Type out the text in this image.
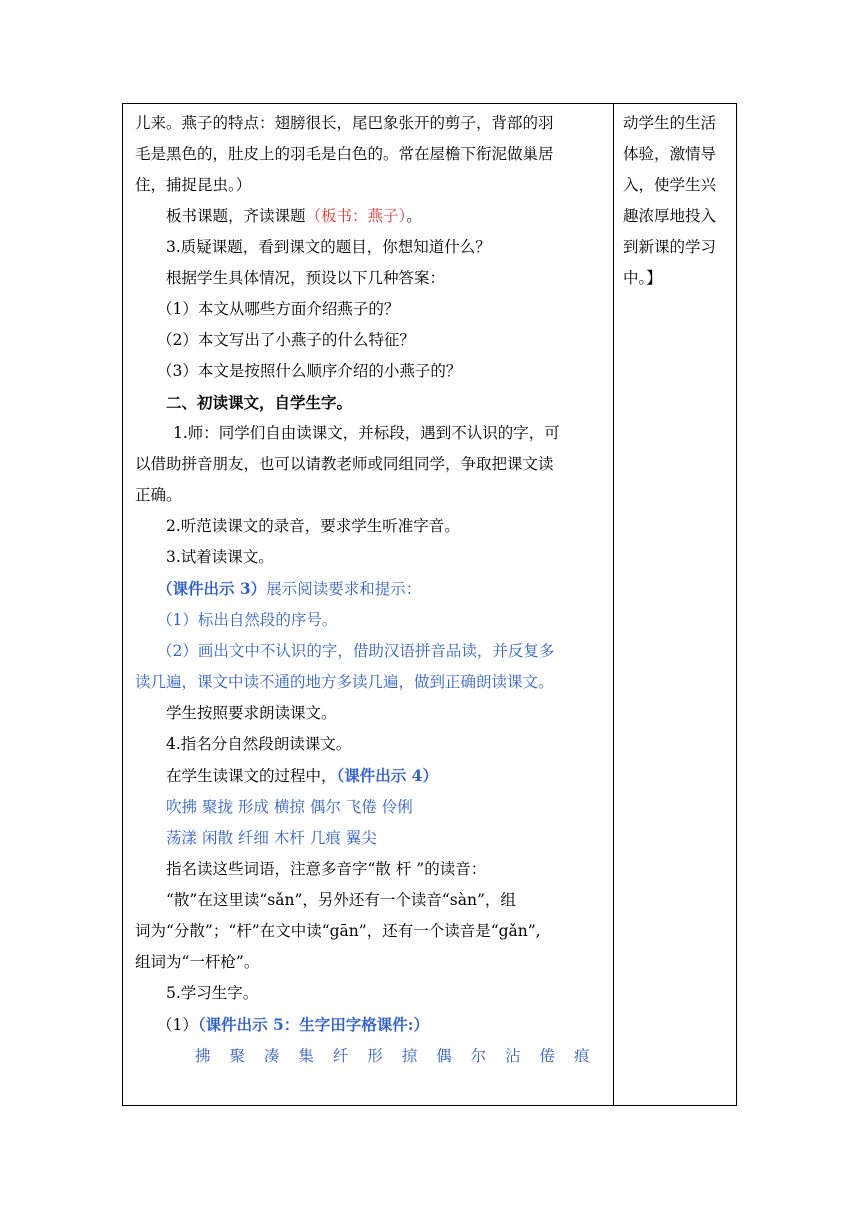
儿来。燕子的特点：翅膀很长，尾巴象张开的剪子，背部的羽
毛是黑色的，肚皮上的羽毛是白色的。常在屋檐下衔泥做巢居
住，捕捉昆虫。）
板书课题，齐读课题（板书：燕子）。
3.质疑课题，看到课文的题目，你想知道什么？
根据学生具体情况，预设以下几种答案：
（1）本文从哪些方面介绍燕子的？
（2）本文写出了小燕子的什么特征？
（3）本文是按照什么顺序介绍的小燕子的？
二、初读课文，自学生字。
1.师：同学们自由读课文，并标段，遇到不认识的字，可
以借助拼音朋友，也可以请教老师或同组同学，争取把课文读
正确。
2.听范读课文的录音，要求学生听准字音。
3.试着读课文。
（课件出示 3）展示阅读要求和提示：
（1）标出自然段的序号。
（2）画出文中不认识的字，借助汉语拼音品读，并反复多
读几遍，课文中读不通的地方多读几遍，做到正确朗读课文。
学生按照要求朗读课文。
4.指名分自然段朗读课文。
在学生读课文的过程中，（课件出示 4）
吹拂 聚拢 形成 横掠 偶尔 飞倦 伶俐
荡漾 闲散 纤细 木杆 几痕 翼尖
指名读这些词语，注意多音字“散 杆 ”的读音：
“散”在这里读“sǎn”，另外还有一个读音“sàn”，组
词为“分散”；“杆”在文中读“gān”，还有一个读音是“gǎn”,
组词为“一杆枪”。
5.学习生字。
（1）（课件出示 5：生字田字格课件:）
拂 聚 凑 集 纤 形 掠 偶 尔 沾 倦 痕
动学生的生活
体验，激情导
入，使学生兴
趣浓厚地投入
到新课的学习
中。】
